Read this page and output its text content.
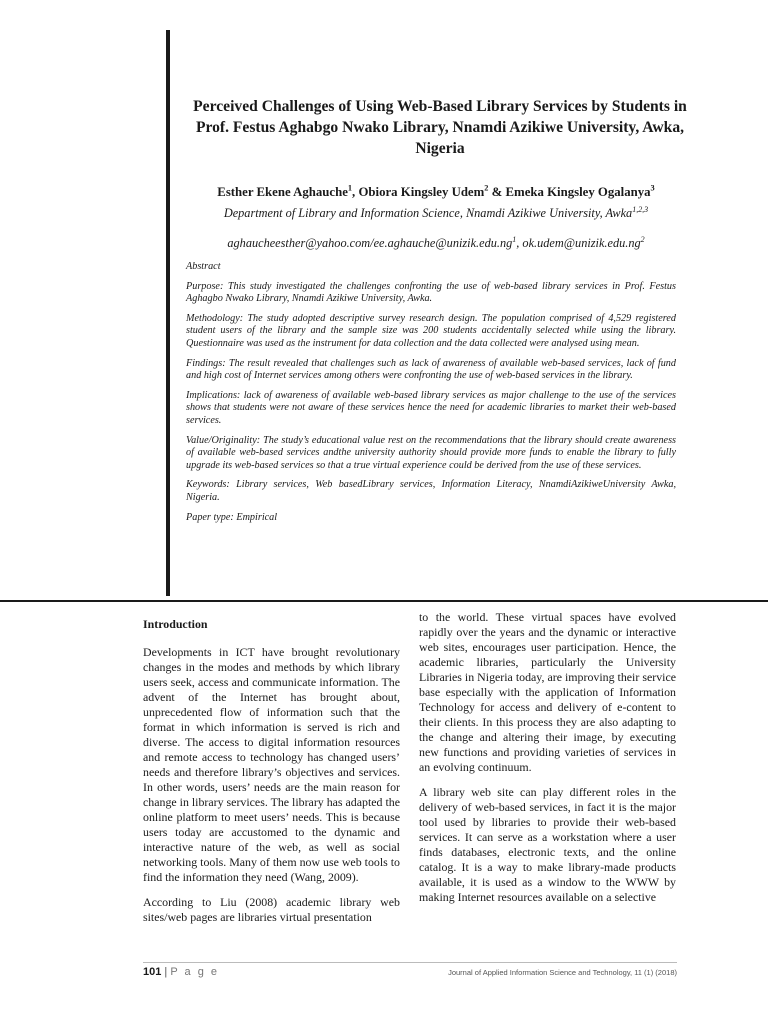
Perceived Challenges of Using Web-Based Library Services by Students in Prof. Festus Aghabgo Nwako Library, Nnamdi Azikiwe University, Awka, Nigeria
Esther Ekene Aghauche$^1$, Obiora Kingsley Udem$^2$ & Emeka Kingsley Ogalanya$^3$
Department of Library and Information Science, Nnamdi Azikiwe University, Awka$^{1,2,3}$
$aghaucheesther@yahoo.com/ee.aghauche@unizik.edu.ng^1$, $ok.udem@unizik.edu.ng^2$

Abstract

Purpose: This study investigated the challenges confronting the use of web-based library services in Prof. Festus Aghagbo Nwako Library, Nnamdi Azikiwe University, Awka.

Methodology: The study adopted descriptive survey research design. The population comprised of 4,529 registered student users of the library and the sample size was 200 students accidentally selected while using the library. Questionnaire was used as the instrument for data collection and the data collected were analysed using mean.

Findings: The result revealed that challenges such as lack of awareness of available web-based services, lack of fund and high cost of Internet services among others were confronting the use of web-based services in the library.

Implications: lack of awareness of available web-based library services as major challenge to the use of the services shows that students were not aware of these services hence the need for academic libraries to market their web-based services.

Value/Originality: The study’s educational value rest on the recommendations that the library should create awareness of available web-based services andthe university authority should provide more funds to enable the library to fully upgrade its web-based services so that a true virtual experience could be derived from the use of these services.

Keywords: Library services, Web basedLibrary services, Information Literacy, NnamdiAzikiweUniversity Awka, Nigeria.

Paper type: Empirical

Introduction

Developments in ICT have brought revolutionary changes in the modes and methods by which library users seek, access and communicate information. The advent of the Internet has brought about, unprecedented flow of information such that the format in which information is served is rich and diverse. The access to digital information resources and remote access to technology has changed users’ needs and therefore library’s objectives and services. In other words, users’ needs are the main reason for change in library services. The library has adapted the online platform to meet users’ needs. This is because users today are accustomed to the dynamic and interactive nature of the web, as well as social networking tools. Many of them now use web tools to find the information they need (Wang, 2009).

According to Liu (2008) academic library web sites/web pages are libraries virtual presentation

to the world. These virtual spaces have evolved rapidly over the years and the dynamic or interactive web sites, encourages user participation. Hence, the academic libraries, particularly the University Libraries in Nigeria today, are improving their service base especially with the application of Information Technology for access and delivery of e-content to their clients. In this process they are also adapting to the change and altering their image, by executing new functions and providing varieties of services in an evolving continuum.

A library web site can play different roles in the delivery of web-based services, in fact it is the major tool used by libraries to provide their web-based services. It can serve as a workstation where a user finds databases, electronic texts, and the online catalog. It is a way to make library-made products available, it is used as a window to the WWW by making Internet resources available on a selective

101 | P a g e	Journal of Applied Information Science and Technology, 11 (1) (2018)
